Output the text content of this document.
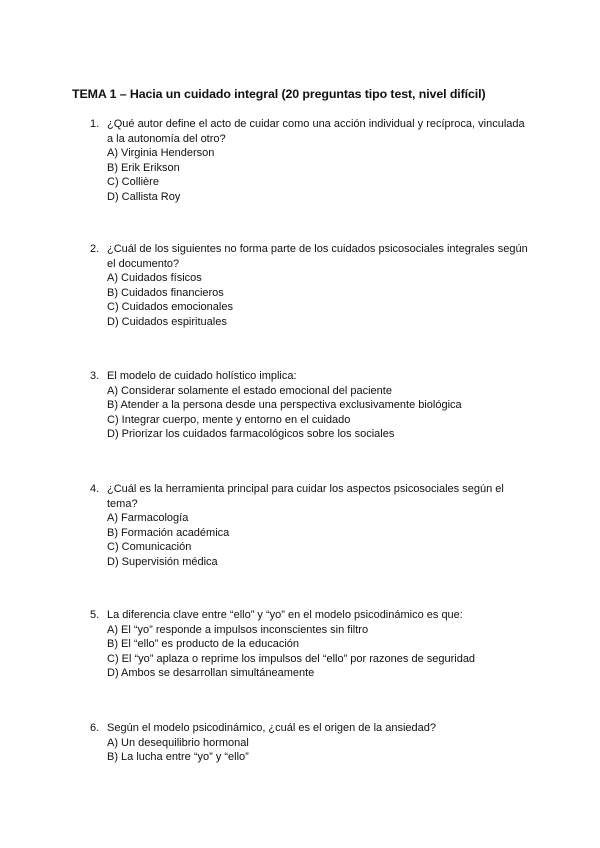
TEMA 1 – Hacia un cuidado integral (20 preguntas tipo test, nivel difícil)
1. ¿Qué autor define el acto de cuidar como una acción individual y recíproca, vinculada a la autonomía del otro?
A) Virginia Henderson
B) Erik Erikson
C) Collière
D) Callista Roy
2. ¿Cuál de los siguientes no forma parte de los cuidados psicosociales integrales según el documento?
A) Cuidados físicos
B) Cuidados financieros
C) Cuidados emocionales
D) Cuidados espirituales
3. El modelo de cuidado holístico implica:
A) Considerar solamente el estado emocional del paciente
B) Atender a la persona desde una perspectiva exclusivamente biológica
C) Integrar cuerpo, mente y entorno en el cuidado
D) Priorizar los cuidados farmacológicos sobre los sociales
4. ¿Cuál es la herramienta principal para cuidar los aspectos psicosociales según el tema?
A) Farmacología
B) Formación académica
C) Comunicación
D) Supervisión médica
5. La diferencia clave entre “ello” y “yo” en el modelo psicodinámico es que:
A) El “yo” responde a impulsos inconscientes sin filtro
B) El “ello” es producto de la educación
C) El “yo” aplaza o reprime los impulsos del “ello” por razones de seguridad
D) Ambos se desarrollan simultáneamente
6. Según el modelo psicodinámico, ¿cuál es el origen de la ansiedad?
A) Un desequilibrio hormonal
B) La lucha entre “yo” y “ello”
